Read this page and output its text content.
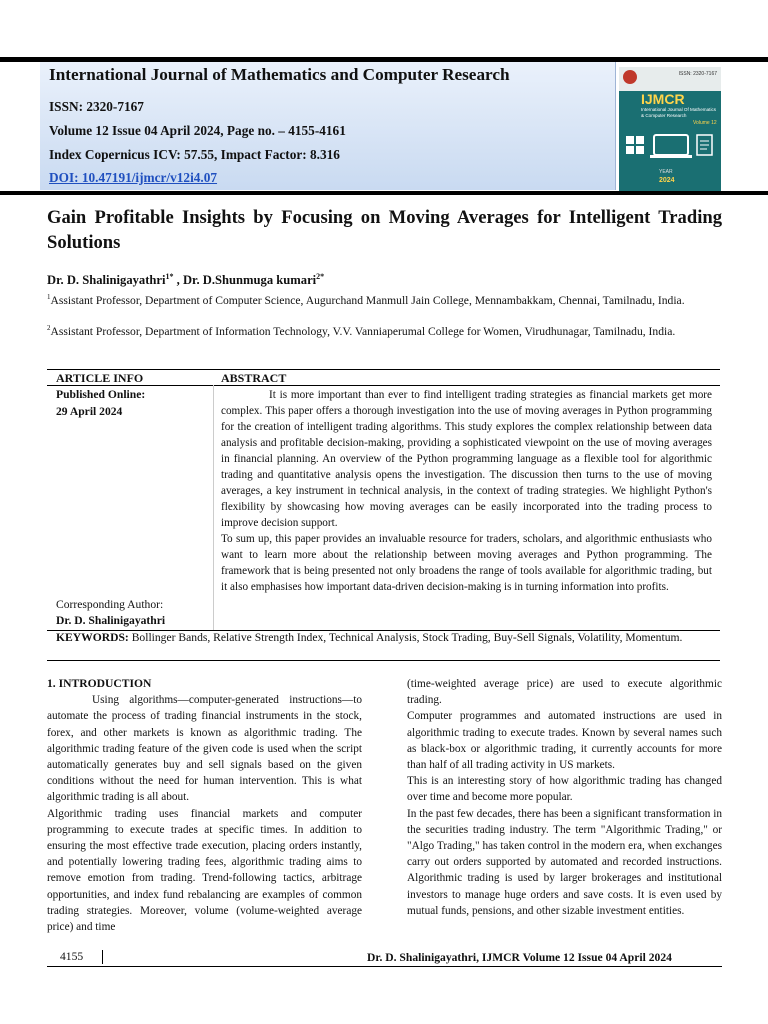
International Journal of Mathematics and Computer Research
ISSN: 2320-7167
Volume 12 Issue 04 April 2024, Page no. – 4155-4161
Index Copernicus ICV: 57.55, Impact Factor: 8.316
DOI: 10.47191/ijmcr/v12i4.07
ISSN: 2320-7167
IJMCR
International Journal Of Mathematics & Computer Research
Volume 12
YEAR
2024
Gain Profitable Insights by Focusing on Moving Averages for Intelligent Trading Solutions
Dr. D. Shalinigayathri$^{1*}$ , Dr. D.Shunmuga kumari$^{2*}$
$^1$Assistant Professor, Department of Computer Science, Augurchand Manmull Jain College, Mennambakkam, Chennai, Tamilnadu, India.
$^2$Assistant Professor, Department of Information Technology, V.V. Vanniaperumal College for Women, Virudhunagar, Tamilnadu, India.
ARTICLE INFO	ABSTRACT
Published Online:
29 April 2024
Corresponding Author:
Dr. D. Shalinigayathri

It is more important than ever to find intelligent trading strategies as financial markets get more complex. This paper offers a thorough investigation into the use of moving averages in Python programming for the creation of intelligent trading algorithms. This study explores the complex relationship between data analysis and profitable decision-making, providing a sophisticated viewpoint on the use of moving averages in financial planning. An overview of the Python programming language as a flexible tool for algorithmic trading and quantitative analysis opens the investigation. The discussion then turns to the use of moving averages, a key instrument in technical analysis, in the context of trading strategies. We highlight Python's flexibility by showcasing how moving averages can be easily incorporated into the trading process to improve decision support.

To sum up, this paper provides an invaluable resource for traders, scholars, and algorithmic enthusiasts who want to learn more about the relationship between moving averages and Python programming. The framework that is being presented not only broadens the range of tools available for algorithmic trading, but it also emphasises how important data-driven decision-making is in turning information into profits.

KEYWORDS: Bollinger Bands, Relative Strength Index, Technical Analysis, Stock Trading, Buy-Sell Signals, Volatility, Momentum.

1. INTRODUCTION

Using algorithms—computer-generated instructions—to automate the process of trading financial instruments in the stock, forex, and other markets is known as algorithmic trading. The algorithmic trading feature of the given code is used when the script automatically generates buy and sell signals based on the given conditions without the need for human intervention. This is what algorithmic trading is all about.

Algorithmic trading uses financial markets and computer programming to execute trades at specific times. In addition to ensuring the most effective trade execution, placing orders instantly, and potentially lowering trading fees, algorithmic trading aims to remove emotion from trading. Trend-following tactics, arbitrage opportunities, and index fund rebalancing are examples of common trading strategies. Moreover, volume (volume-weighted average price) and time

(time-weighted average price) are used to execute algorithmic trading.

Computer programmes and automated instructions are used in algorithmic trading to execute trades. Known by several names such as black-box or algorithmic trading, it currently accounts for more than half of all trading activity in US markets.

This is an interesting story of how algorithmic trading has changed over time and become more popular.

In the past few decades, there has been a significant transformation in the securities trading industry. The term "Algorithmic Trading," or "Algo Trading," has taken control in the modern era, when exchanges carry out orders supported by automated and recorded instructions. Algorithmic trading is used by larger brokerages and institutional investors to manage huge orders and save costs. It is even used by mutual funds, pensions, and other sizable investment entities.

4155	Dr. D. Shalinigayathri, IJMCR Volume 12 Issue 04 April 2024
